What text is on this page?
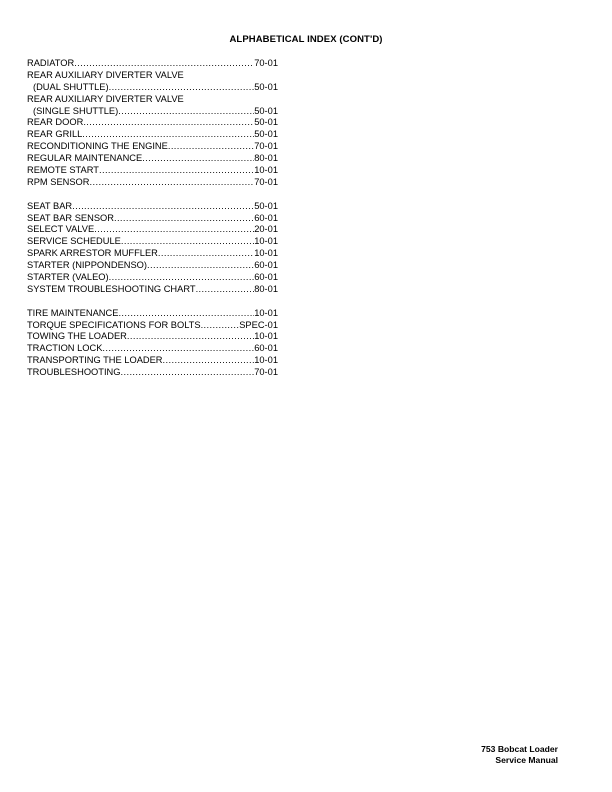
ALPHABETICAL INDEX (CONT'D)
RADIATOR .....	70-01
REAR AUXILIARY DIVERTER VALVE
(DUAL SHUTTLE) .....	50-01
REAR AUXILIARY DIVERTER VALVE
(SINGLE SHUTTLE) .....	50-01
REAR DOOR .....	50-01
REAR GRILL .....	50-01
RECONDITIONING THE ENGINE .....	70-01
REGULAR MAINTENANCE .....	80-01
REMOTE START .....	10-01
RPM SENSOR .....	70-01
SEAT BAR .....	50-01
SEAT BAR SENSOR .....	60-01
SELECT VALVE .....	20-01
SERVICE SCHEDULE .....	10-01
SPARK ARRESTOR MUFFLER .....	10-01
STARTER (NIPPONDENSO) .....	60-01
STARTER (VALEO) .....	60-01
SYSTEM TROUBLESHOOTING CHART .....	80-01
TIRE MAINTENANCE .....	10-01
TORQUE SPECIFICATIONS FOR BOLTS .....	SPEC-01
TOWING THE LOADER .....	10-01
TRACTION LOCK .....	60-01
TRANSPORTING THE LOADER .....	10-01
TROUBLESHOOTING .....	70-01
753 Bobcat Loader
Service Manual
